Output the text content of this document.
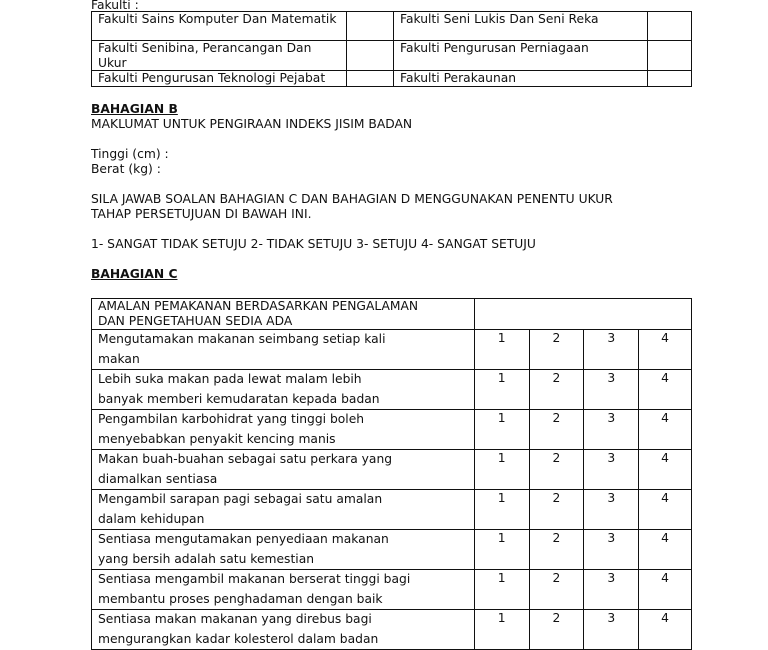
Fakulti :
Fakulti Sains Komputer Dan Matematik		Fakulti Seni Lukis Dan Seni Reka	
Fakulti Senibina, Perancangan Dan Ukur		Fakulti Pengurusan Perniagaan	
Fakulti Pengurusan Teknologi Pejabat		Fakulti Perakaunan	
BAHAGIAN B
MAKLUMAT UNTUK PENGIRAAN INDEKS JISIM BADAN
Tinggi (cm) :
Berat (kg) :
SILA JAWAB SOALAN BAHAGIAN C DAN BAHAGIAN D MENGGUNAKAN PENENTU UKUR
TAHAP PERSETUJUAN DI BAWAH INI.
1- SANGAT TIDAK SETUJU 2- TIDAK SETUJU 3- SETUJU 4- SANGAT SETUJU
BAHAGIAN C
AMALAN PEMAKANAN BERDASARKAN PENGALAMAN
DAN PENGETAHUAN SEDIA ADA				
Mengutamakan makanan seimbang setiap kali
makan	1	2	3	4
Lebih suka makan pada lewat malam lebih
banyak memberi kemudaratan kepada badan	1	2	3	4
Pengambilan karbohidrat yang tinggi boleh
menyebabkan penyakit kencing manis	1	2	3	4
Makan buah-buahan sebagai satu perkara yang
diamalkan sentiasa	1	2	3	4
Mengambil sarapan pagi sebagai satu amalan
dalam kehidupan	1	2	3	4
Sentiasa mengutamakan penyediaan makanan
yang bersih adalah satu kemestian	1	2	3	4
Sentiasa mengambil makanan berserat tinggi bagi
membantu proses penghadaman dengan baik	1	2	3	4
Sentiasa makan makanan yang direbus bagi
mengurangkan kadar kolesterol dalam badan	1	2	3	4
